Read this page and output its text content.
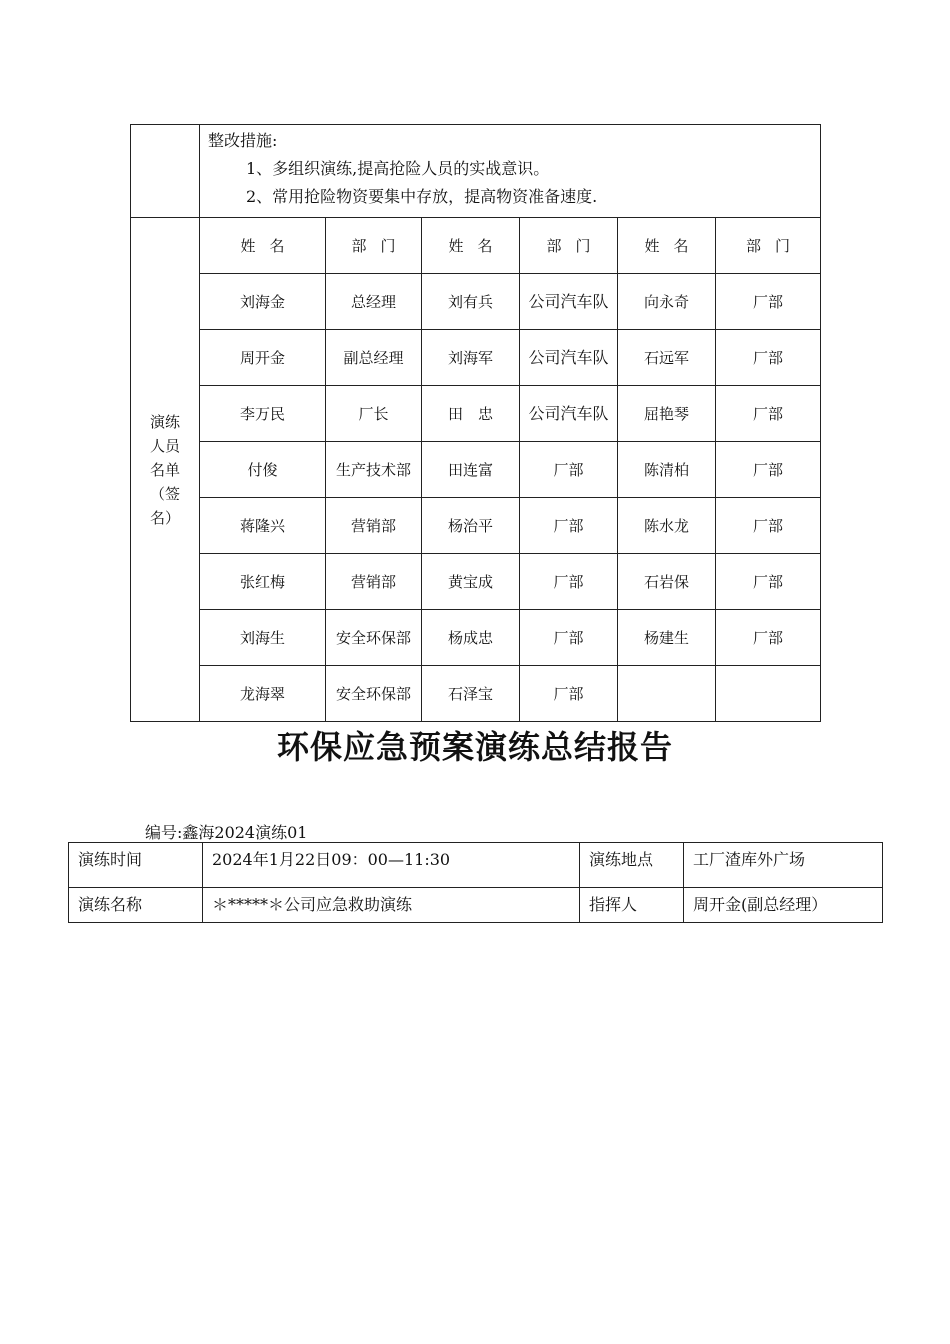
	整改措施:
1、多组织演练,提高抢险人员的实战意识。
2、常用抢险物资要集中存放，提高物资准备速度.					

演练人员名单（签名）	姓名	部门	姓名	部门	姓名	部门
	刘海金	总经理	刘有兵	公司汽车队	向永奇	厂部
	周开金	副总经理	刘海军	公司汽车队	石远军	厂部
	李万民	厂长	田　忠	公司汽车队	屈艳琴	厂部
	付俊	生产技术部	田连富	厂部	陈清柏	厂部
	蒋隆兴	营销部	杨治平	厂部	陈水龙	厂部
	张红梅	营销部	黄宝成	厂部	石岩保	厂部
	刘海生	安全环保部	杨成忠	厂部	杨建生	厂部
	龙海翠	安全环保部	石泽宝	厂部		
环保应急预案演练总结报告
编号:鑫海2024演练01
演练时间	2024年1月22日09：00—11:30	演练地点	工厂渣库外广场
演练名称	＊*****＊公司应急救助演练	指挥人	周开金(副总经理）
